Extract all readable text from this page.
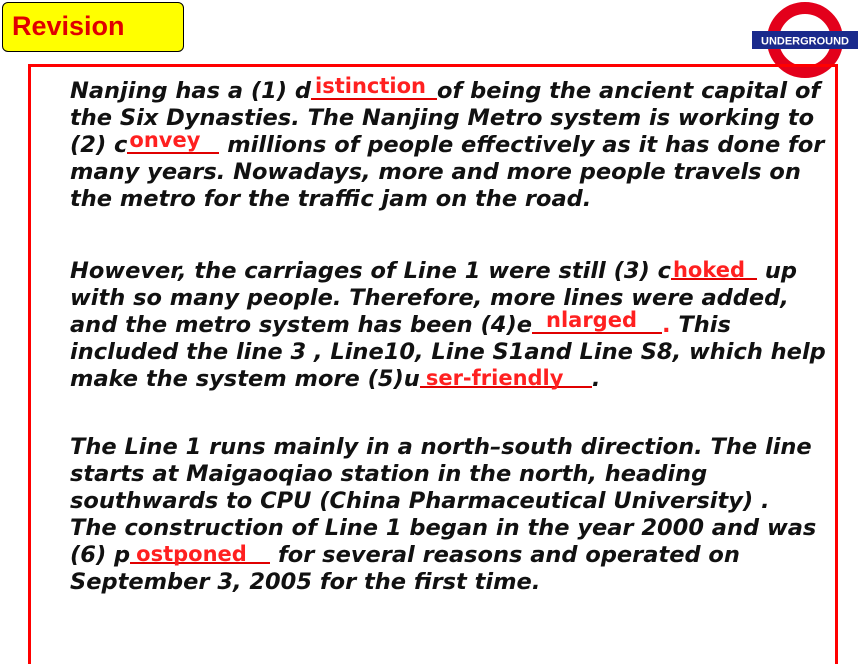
Revision
UNDERGROUND
Nanjing has a (1) d istinction of being the ancient capital of
the Six Dynasties. The Nanjing Metro system is working to
(2) c onvey millions of people effectively as it has done for
many years. Nowadays, more and more people travels on
the metro for the traffic jam on the road.
However, the carriages of Line 1 were still (3) c hoked up
with so many people. Therefore, more lines were added,
and the metro system has been (4)e nlarged . This
included the line 3 , Line10, Line S1and Line S8, which help
make the system more (5)u ser-friendly .
The Line 1 runs mainly in a north–south direction. The line
starts at Maigaoqiao station in the north, heading
southwards to CPU (China Pharmaceutical University) .
The construction of Line 1 began in the year 2000 and was
(6) p ostponed for several reasons and operated on
September 3, 2005 for the first time.
